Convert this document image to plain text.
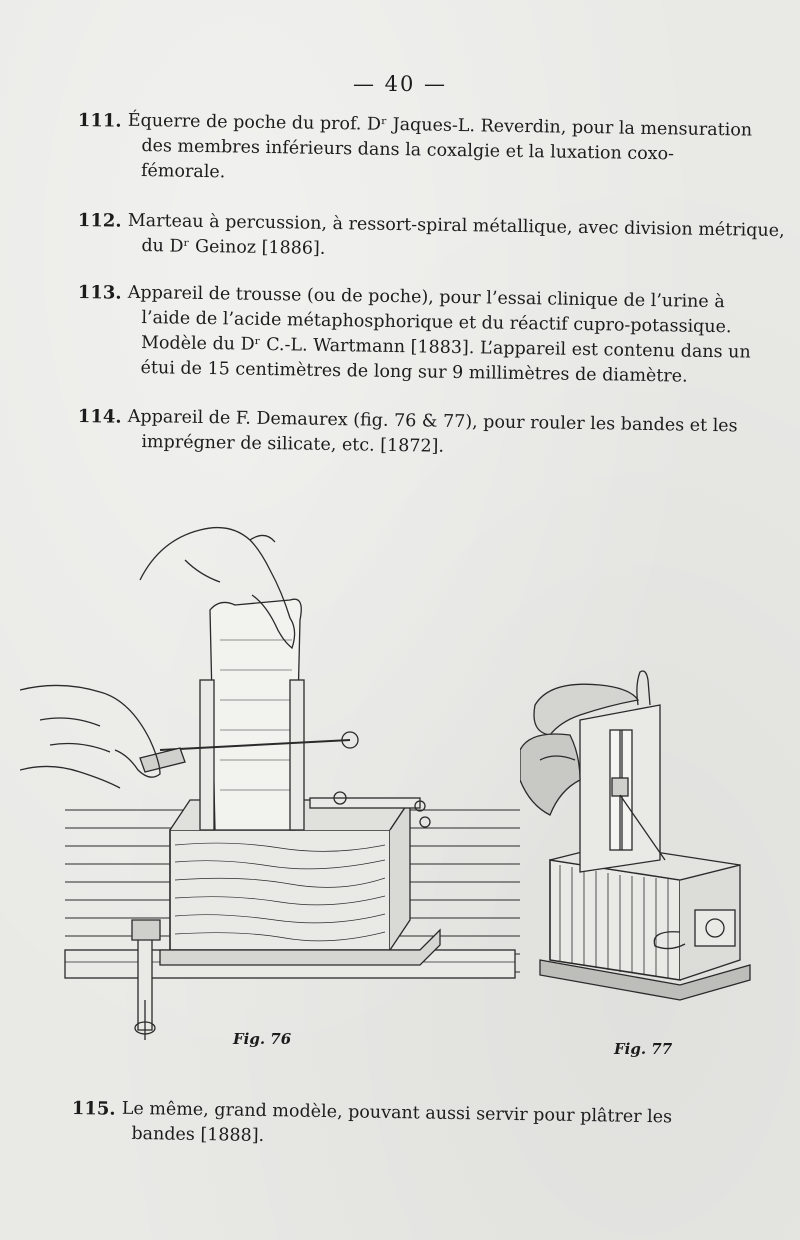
— 40 —
111. Équerre de poche du prof. Dʳ Jaques-L. Reverdin, pour la mensuration
des membres inférieurs dans la coxalgie et la luxation coxo-
fémorale.
112. Marteau à percussion, à ressort-spiral métallique, avec division métrique,
du Dʳ Geinoz [1886].
113. Appareil de trousse (ou de poche), pour l’essai clinique de l’urine à
l’aide de l’acide métaphosphorique et du réactif cupro-potassique.
Modèle du Dʳ C.-L. Wartmann [1883]. L’appareil est contenu dans un
étui de 15 centimètres de long sur 9 millimètres de diamètre.
114. Appareil de F. Demaurex (fig. 76 & 77), pour rouler les bandes et les
imprégner de silicate, etc. [1872].
Fig. 76
Fig. 77
115. Le même, grand modèle, pouvant aussi servir pour plâtrer les
bandes [1888].
